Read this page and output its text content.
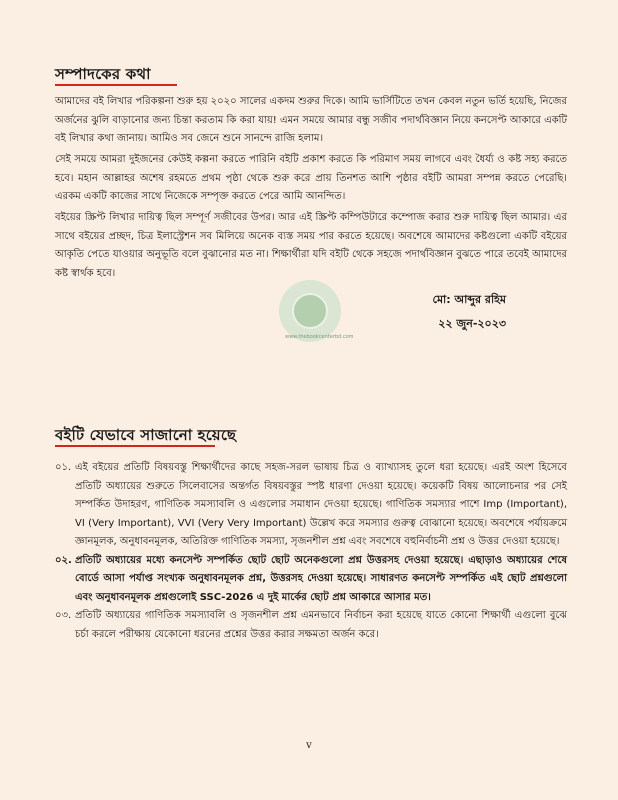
সম্পাদকের কথা
আমাদের বই লিখার পরিকল্পনা শুরু হয় ২০২০ সালের একদম শুরুর দিকে। আমি ভার্সিটিতে তখন কেবল নতুন ভর্তি হয়েছি, নিজের অর্জনের ঝুলি বাড়ানোর জন্য চিন্তা করতাম কি করা যায়! এমন সময়ে আমার বন্ধু সজীব পদার্থবিজ্ঞান নিয়ে কনসেপ্ট আকারে একটি বই লিখার কথা জানায়। আমিও সব জেনে শুনে সানন্দে রাজি হলাম।
সেই সময়ে আমরা দুইজনের কেউই কল্পনা করতে পারিনি বইটি প্রকাশ করতে কি পরিমাণ সময় লাগবে এবং ধৈর্য্য ও কষ্ট সহ্য করতে হবে। মহান আল্লাহর অশেষ রহমতে প্রথম পৃষ্ঠা থেকে শুরু করে প্রায় তিনশত আশি পৃষ্ঠার বইটি আমরা সম্পন্ন করতে পেরেছি। এরকম একটি কাজের সাথে নিজেকে সম্পৃক্ত করতে পেরে আমি আনন্দিত।
বইয়ের স্ক্রিপ্ট লিখার দায়িত্ব ছিল সম্পূর্ণ সজীবের উপর। আর এই স্ক্রিপ্ট কম্পিউটারে কম্পোজ করার শুরু দায়িত্ব ছিল আমার। এর সাথে বইয়ের প্রচ্ছদ, চিত্র ইলাস্ট্রেশন সব মিলিয়ে অনেক ব্যস্ত সময় পার করতে হয়েছে। অবশেষে আমাদের কষ্টগুলো একটি বইয়ের আকৃতি পেতে যাওয়ার অনুভূতি বলে বুঝানোর মত না। শিক্ষার্থীরা যদি বইটি থেকে সহজে পদার্থবিজ্ঞান বুঝতে পারে তবেই আমাদের কষ্ট স্বার্থক হবে।
www.thebookcenterbd.com
মো: আব্দুর রহিম
২২ জুন-২০২৩
বইটি যেভাবে সাজানো হয়েছে
০১. এই বইয়ের প্রতিটি বিষয়বস্তু শিক্ষার্থীদের কাছে সহজ-সরল ভাষায় চিত্র ও ব্যাখ্যাসহ তুলে ধরা হয়েছে। এরই অংশ হিসেবে প্রতিটি অধ্যায়ের শুরুতে সিলেবাসের অন্তর্গত বিষয়বস্তুর স্পষ্ট ধারণা দেওয়া হয়েছে। কয়েকটি বিষয় আলোচনার পর সেই সম্পর্কিত উদাহরণ, গাণিতিক সমস্যাবলি ও এগুলোর সমাধান দেওয়া হয়েছে। গাণিতিক সমস্যার পাশে Imp (Important), VI (Very Important), VVI (Very Very Important) উল্লেখ করে সমস্যার গুরুত্ব বোঝানো হয়েছে। অবশেষে পর্যায়ক্রমে জ্ঞানমূলক, অনুধাবনমূলক, অতিরিক্ত গাণিতিক সমস্যা, সৃজনশীল প্রশ্ন এবং সবশেষে বহুনির্বাচনী প্রশ্ন ও উত্তর দেওয়া হয়েছে।
০২. প্রতিটি অধ্যায়ের মধ্যে কনসেপ্ট সম্পর্কিত ছোট ছোট অনেকগুলো প্রশ্ন উত্তরসহ দেওয়া হয়েছে। এছাড়াও অধ্যায়ের শেষে বোর্ডে আসা পর্যাপ্ত সংখ্যক অনুধাবনমূলক প্রশ্ন, উত্তরসহ দেওয়া হয়েছে। সাধারণত কনসেপ্ট সম্পর্কিত এই ছোট প্রশ্নগুলো এবং অনুধাবনমূলক প্রশ্নগুলোই SSC-2026 এ দুই মার্কের ছোট প্রশ্ন আকারে আসার মত।
০৩. প্রতিটি অধ্যায়ের গাণিতিক সমস্যাবলি ও সৃজনশীল প্রশ্ন এমনভাবে নির্বাচন করা হয়েছে যাতে কোনো শিক্ষার্থী এগুলো বুঝে চর্চা করলে পরীক্ষায় যেকোনো ধরনের প্রশ্নের উত্তর করার সক্ষমতা অর্জন করে।
v
